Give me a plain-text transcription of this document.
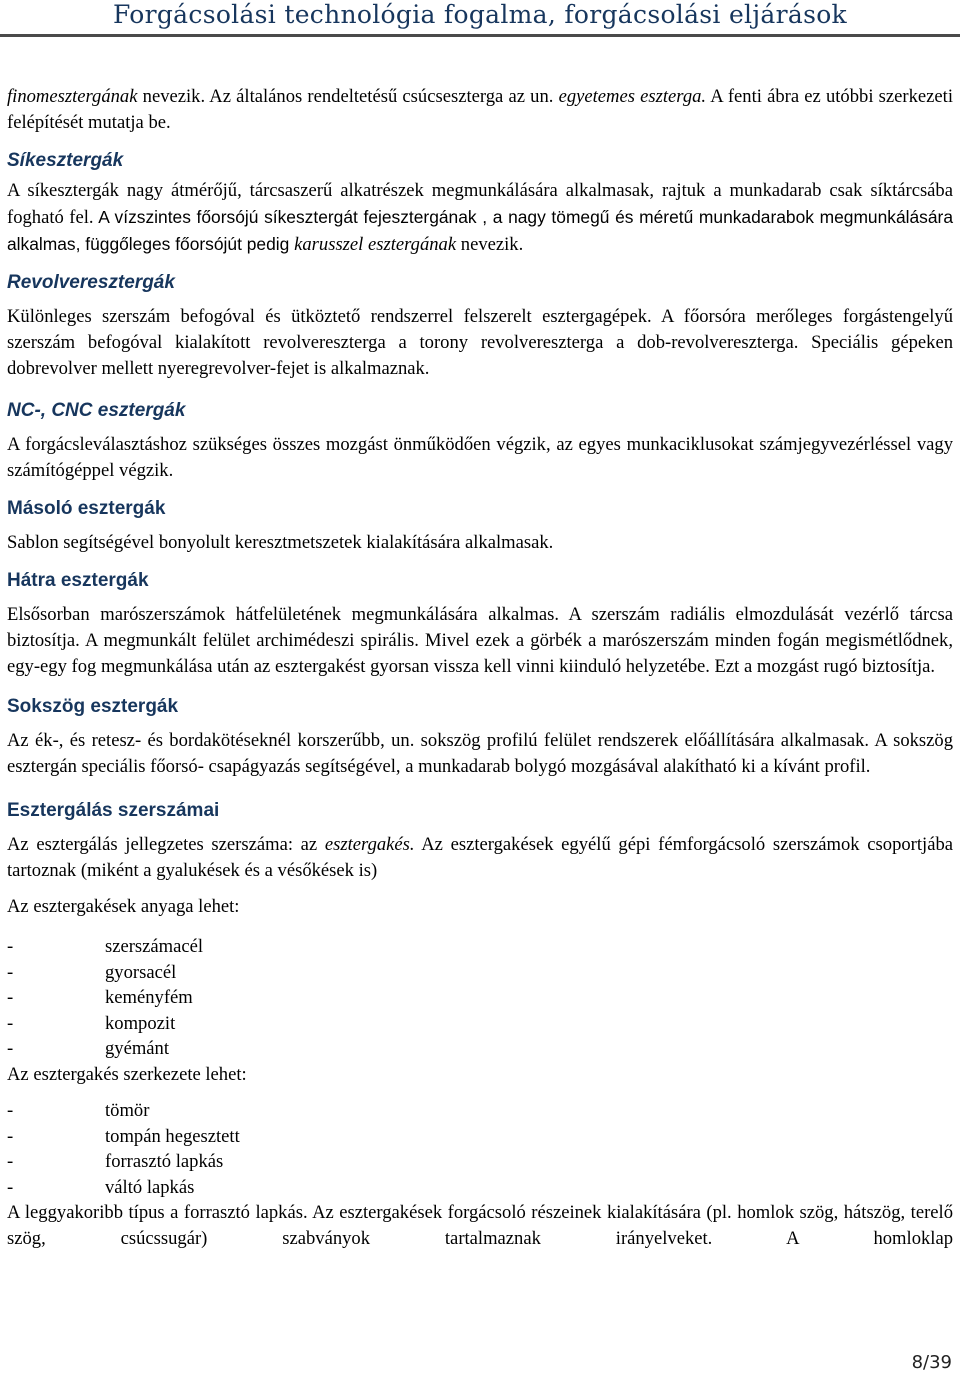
Forgácsolási technológia fogalma, forgácsolási eljárások

finomesztergának nevezik. Az általános rendeltetésű csúcseszterga az un. egyetemes eszterga. A fenti ábra ez utóbbi szerkezeti felépítését mutatja be.

Síkesztergák

A síkesztergák nagy átmérőjű, tárcsaszerű alkatrészek megmunkálására alkalmasak, rajtuk a munkadarab csak síktárcsába fogható fel. A vízszintes főorsójú síkesztergát fejesztergának , a nagy tömegű és méretű munkadarabok megmunkálására alkalmas, függőleges főorsójút pedig karusszel esztergának nevezik.

Revolveresztergák

Különleges szerszám befogóval és ütköztető rendszerrel felszerelt esztergagépek. A főorsóra merőleges forgástengelyű szerszám befogóval kialakított revolvereszterga a torony revolvereszterga a dob-revolvereszterga. Speciális gépeken dobrevolver mellett nyeregrevolver-fejet is alkalmaznak.

NC-, CNC esztergák

A forgácsleválasztáshoz szükséges összes mozgást önműködően végzik, az egyes munkaciklusokat számjegyvezérléssel vagy számítógéppel végzik.

Másoló esztergák

Sablon segítségével bonyolult keresztmetszetek kialakítására alkalmasak.

Hátra esztergák

Elsősorban marószerszámok hátfelületének megmunkálására alkalmas. A szerszám radiális elmozdulását vezérlő tárcsa biztosítja. A megmunkált felület archimédeszi spirális. Mivel ezek a görbék a marószerszám minden fogán megismétlődnek, egy-egy fog megmunkálása után az esztergakést gyorsan vissza kell vinni kiinduló helyzetébe. Ezt a mozgást rugó biztosítja.

Sokszög esztergák

Az ék-, és retesz- és bordakötéseknél korszerűbb, un. sokszög profilú felület rendszerek előállítására alkalmasak. A sokszög esztergán speciális főorsó- csapágyazás segítségével, a munkadarab bolygó mozgásával alakítható ki a kívánt profil.

Esztergálás szerszámai

Az esztergálás jellegzetes szerszáma: az esztergakés. Az esztergakések egyélű gépi fémforgácsoló szerszámok csoportjába tartoznak (miként a gyalukések és a vésőkések is)

Az esztergakések anyaga lehet:

- szerszámacél
- gyorsacél
- keményfém
- kompozit
- gyémánt

Az esztergakés szerkezete lehet:

- tömör
- tompán hegesztett
- forrasztó lapkás
- váltó lapkás

A leggyakoribb típus a forrasztó lapkás. Az esztergakések forgácsoló részeinek kialakítására (pl. homlok szög, hátszög, terelő szög, csúcssugár) szabványok tartalmaznak irányelveket. A homloklap

8/39
